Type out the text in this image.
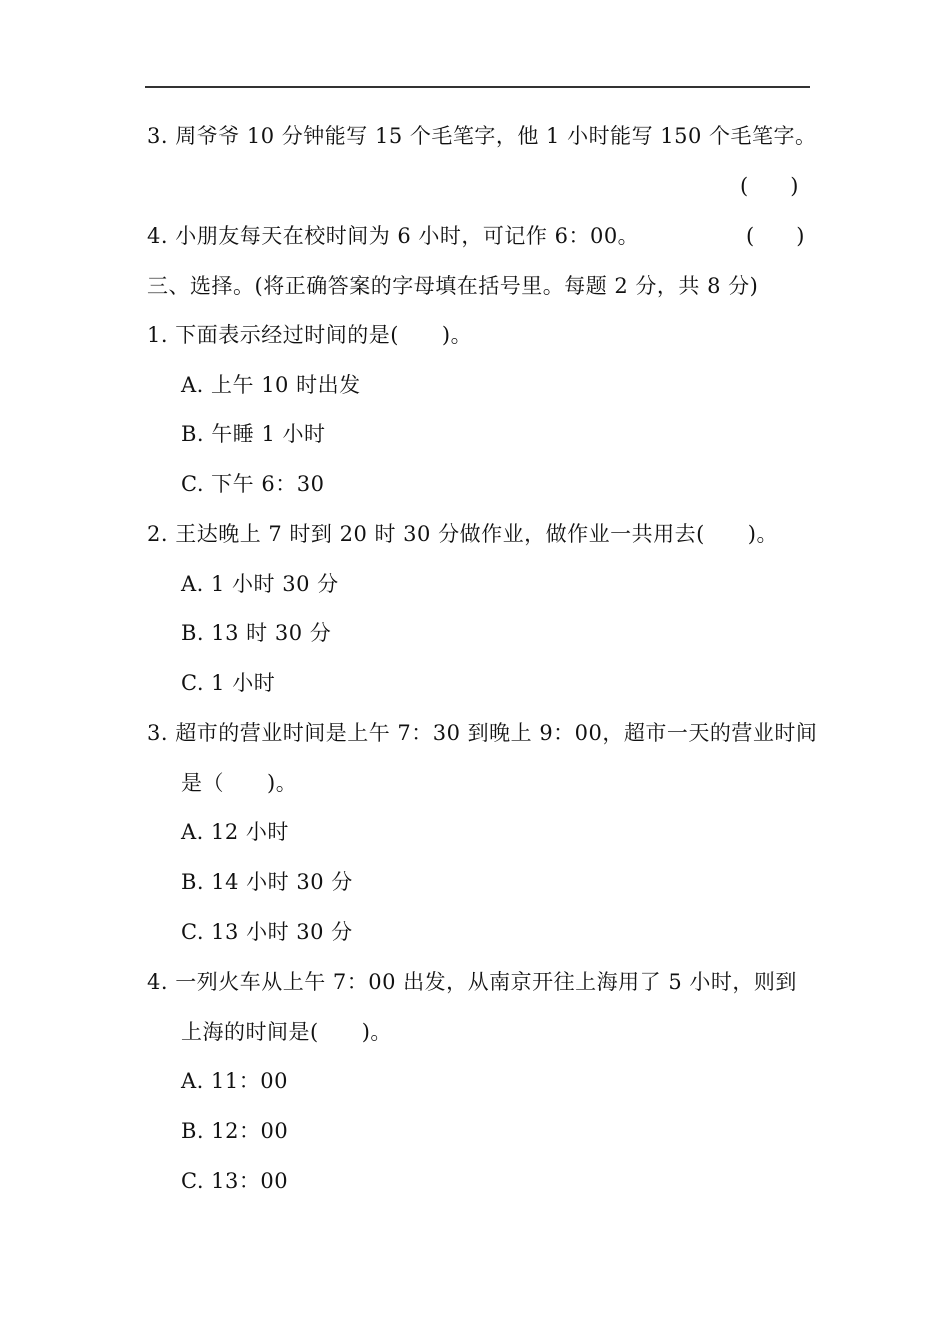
3. 周爷爷 10 分钟能写 15 个毛笔字，他 1 小时能写 150 个毛笔字。
(　　)
4. 小朋友每天在校时间为 6 小时，可记作 6：00。	(　　)
三、选择。(将正确答案的字母填在括号里。每题 2 分，共 8 分)
1. 下面表示经过时间的是(　　)。
A. 上午 10 时出发
B. 午睡 1 小时
C. 下午 6：30
2. 王达晚上 7 时到 20 时 30 分做作业，做作业一共用去(　　)。
A. 1 小时 30 分
B. 13 时 30 分
C. 1 小时
3. 超市的营业时间是上午 7：30 到晚上 9：00，超市一天的营业时间
是（　　)。
A. 12 小时
B. 14 小时 30 分
C. 13 小时 30 分
4. 一列火车从上午 7：00 出发，从南京开往上海用了 5 小时，则到
上海的时间是(　　)。
A. 11：00
B. 12：00
C. 13：00
